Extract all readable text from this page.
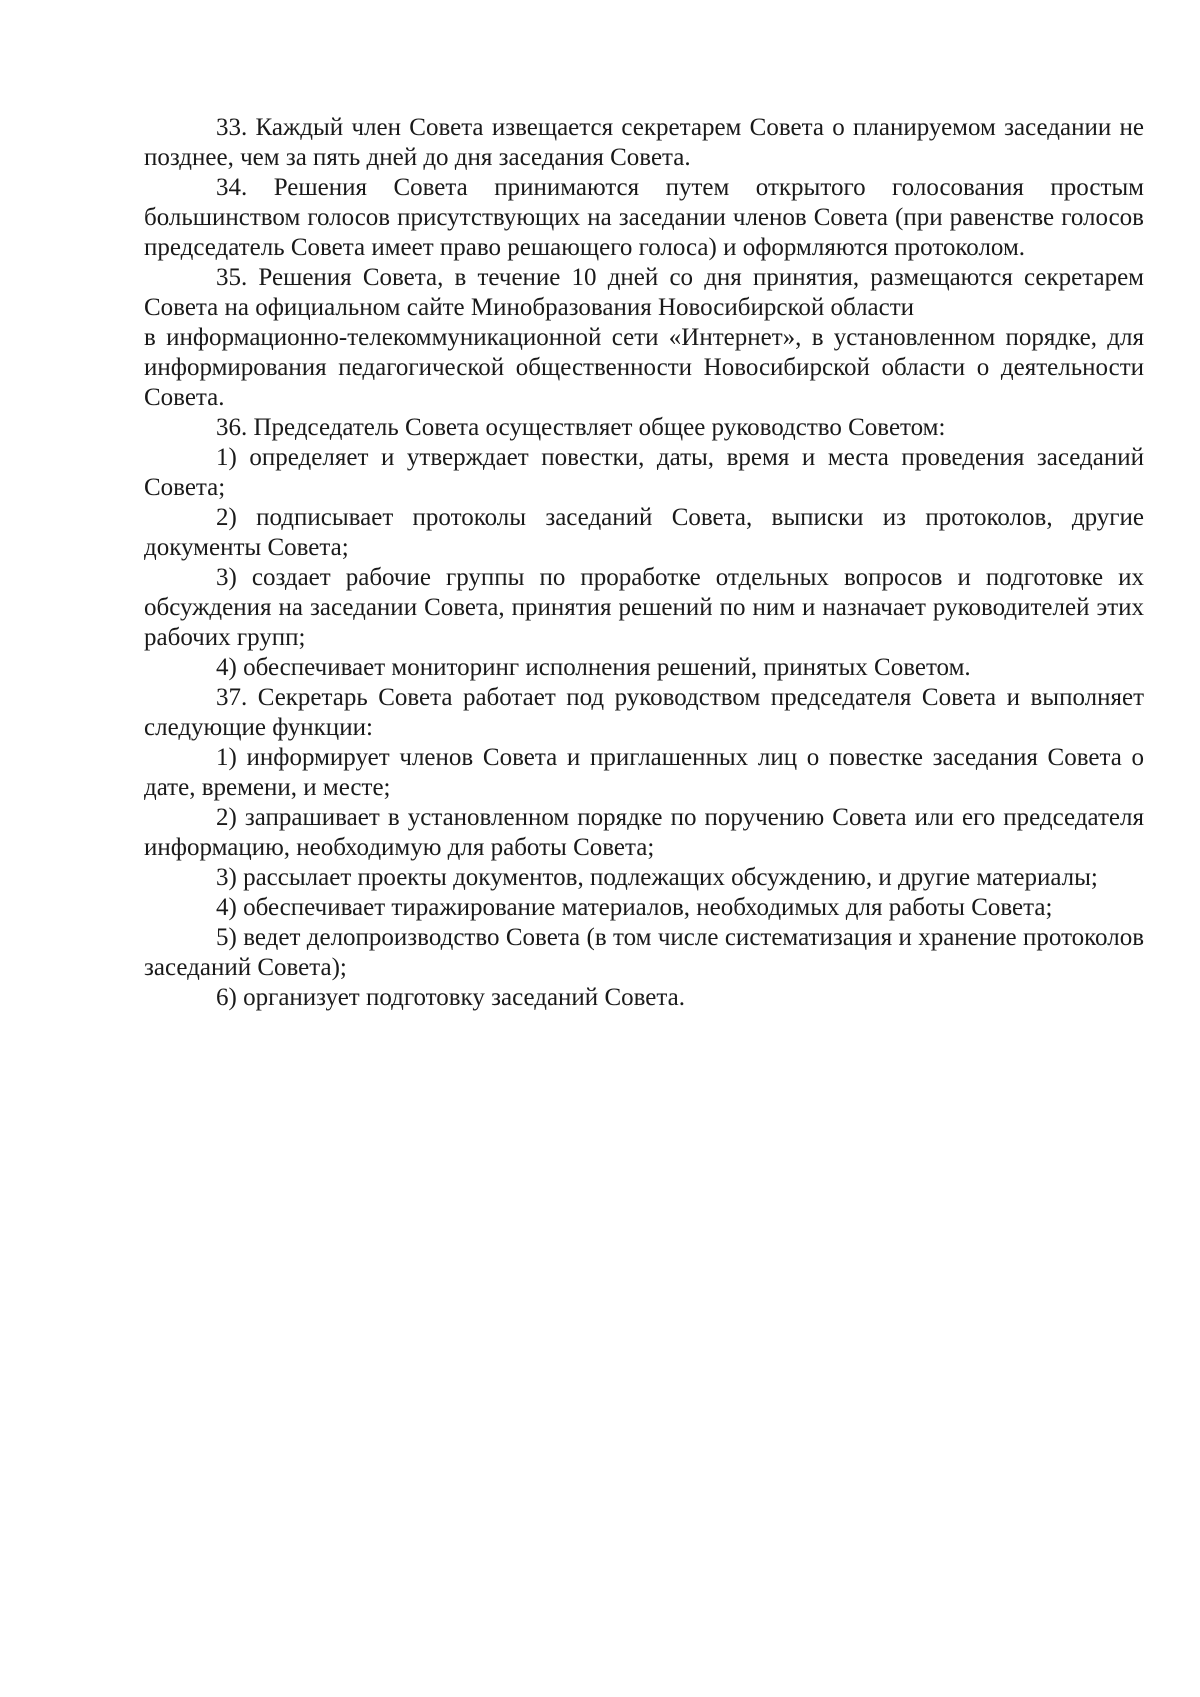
33. Каждый член Совета извещается секретарем Совета о планируемом заседании не позднее, чем за пять дней до дня заседания Совета.

34. Решения Совета принимаются путем открытого голосования простым большинством голосов присутствующих на заседании членов Совета (при равенстве голосов председатель Совета имеет право решающего голоса) и оформляются протоколом.

35. Решения Совета, в течение 10 дней со дня принятия, размещаются секретарем Совета на официальном сайте Минобразования Новосибирской области

в информационно-телекоммуникационной сети «Интернет», в установленном порядке, для информирования педагогической общественности Новосибирской области о деятельности Совета.

36. Председатель Совета осуществляет общее руководство Советом:

1) определяет и утверждает повестки, даты, время и места проведения заседаний Совета;

2) подписывает протоколы заседаний Совета, выписки из протоколов, другие документы Совета;

3) создает рабочие группы по проработке отдельных вопросов и подготовке их обсуждения на заседании Совета, принятия решений по ним и назначает руководителей этих рабочих групп;

4) обеспечивает мониторинг исполнения решений, принятых Советом.

37. Секретарь Совета работает под руководством председателя Совета и выполняет следующие функции:

1) информирует членов Совета и приглашенных лиц о повестке заседания Совета о дате, времени, и месте;

2) запрашивает в установленном порядке по поручению Совета или его председателя информацию, необходимую для работы Совета;

3) рассылает проекты документов, подлежащих обсуждению, и другие материалы;

4) обеспечивает тиражирование материалов, необходимых для работы Совета;

5) ведет делопроизводство Совета (в том числе систематизация и хранение протоколов заседаний Совета);

6) организует подготовку заседаний Совета.
